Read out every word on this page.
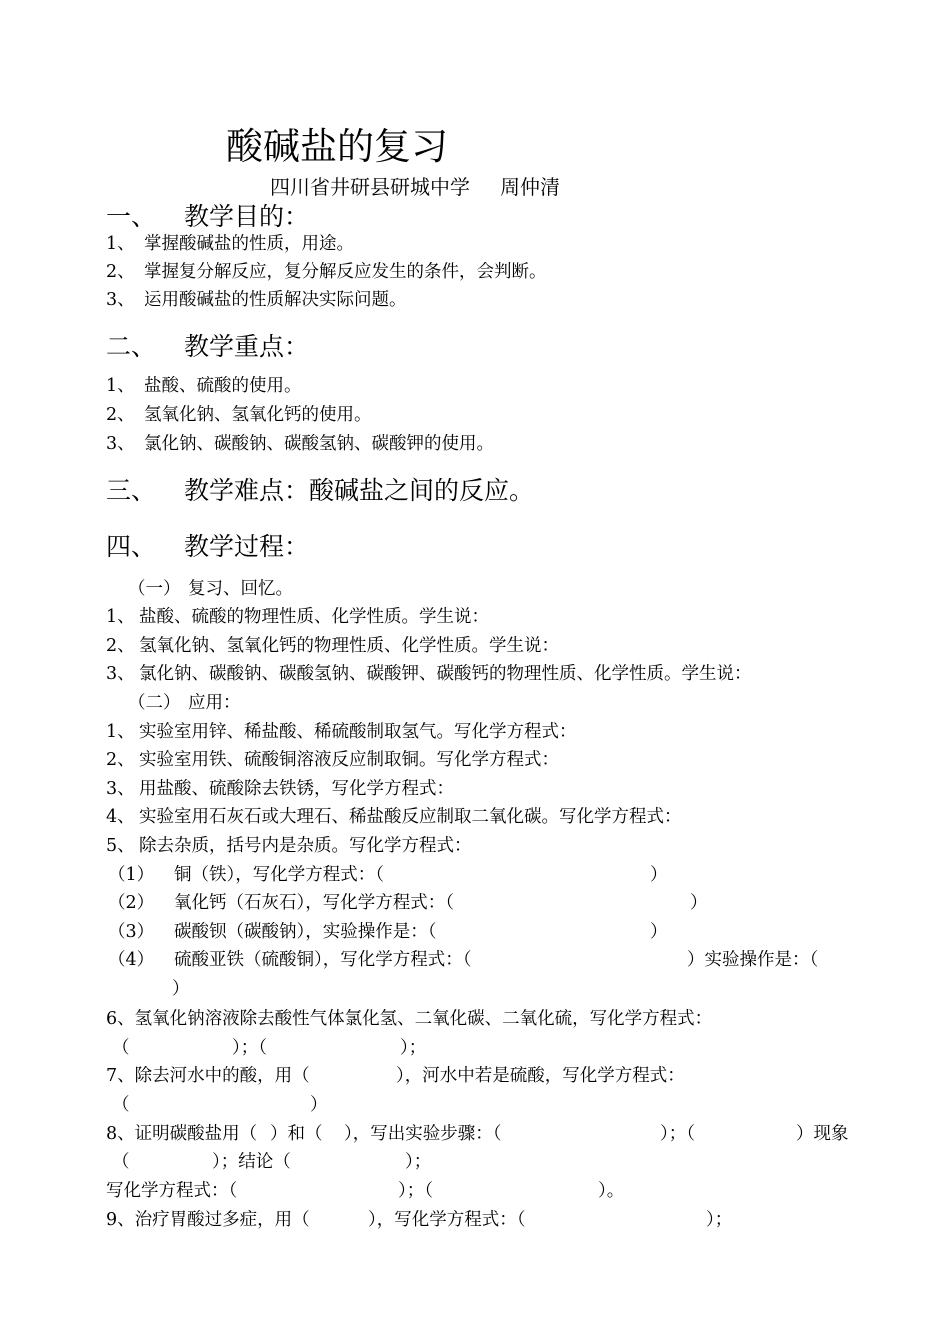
酸碱盐的复习
四川省井研县研城中学 周仲清
一、 教学目的：
1、 掌握酸碱盐的性质，用途。
2、 掌握复分解反应，复分解反应发生的条件，会判断。
3、 运用酸碱盐的性质解决实际问题。
二、 教学重点：
1、 盐酸、硫酸的使用。
2、 氢氧化钠、氢氧化钙的使用。
3、 氯化钠、碳酸钠、碳酸氢钠、碳酸钾的使用。
三、 教学难点：酸碱盐之间的反应。
四、 教学过程：
（一） 复习、回忆。
1、 盐酸、硫酸的物理性质、化学性质。学生说：
2、 氢氧化钠、氢氧化钙的物理性质、化学性质。学生说：
3、 氯化钠、碳酸钠、碳酸氢钠、碳酸钾、碳酸钙的物理性质、化学性质。学生说：
（二） 应用：
1、 实验室用锌、稀盐酸、稀硫酸制取氢气。写化学方程式：
2、 实验室用铁、硫酸铜溶液反应制取铜。写化学方程式：
3、 用盐酸、硫酸除去铁锈，写化学方程式：
4、 实验室用石灰石或大理石、稀盐酸反应制取二氧化碳。写化学方程式：
5、 除去杂质，括号内是杂质。写化学方程式：
（1） 铜（铁），写化学方程式：（	）
（2） 氧化钙（石灰石），写化学方程式：（	）
（3） 碳酸钡（碳酸钠），实验操作是：（	）
（4） 硫酸亚铁（硫酸铜），写化学方程式：（	）实验操作是：（
）
6、氢氧化钠溶液除去酸性气体氯化氢、二氧化碳、二氧化硫，写化学方程式：
（	）；（	）；
7、除去河水中的酸，用（	），河水中若是硫酸，写化学方程式：
（	）
8、证明碳酸盐用（ ）和（ ），写出实验步骤：（	）；（	）现象
（	）；结论（	）；
写化学方程式：（	）；（	）。
9、治疗胃酸过多症，用（	），写化学方程式：（	）；
